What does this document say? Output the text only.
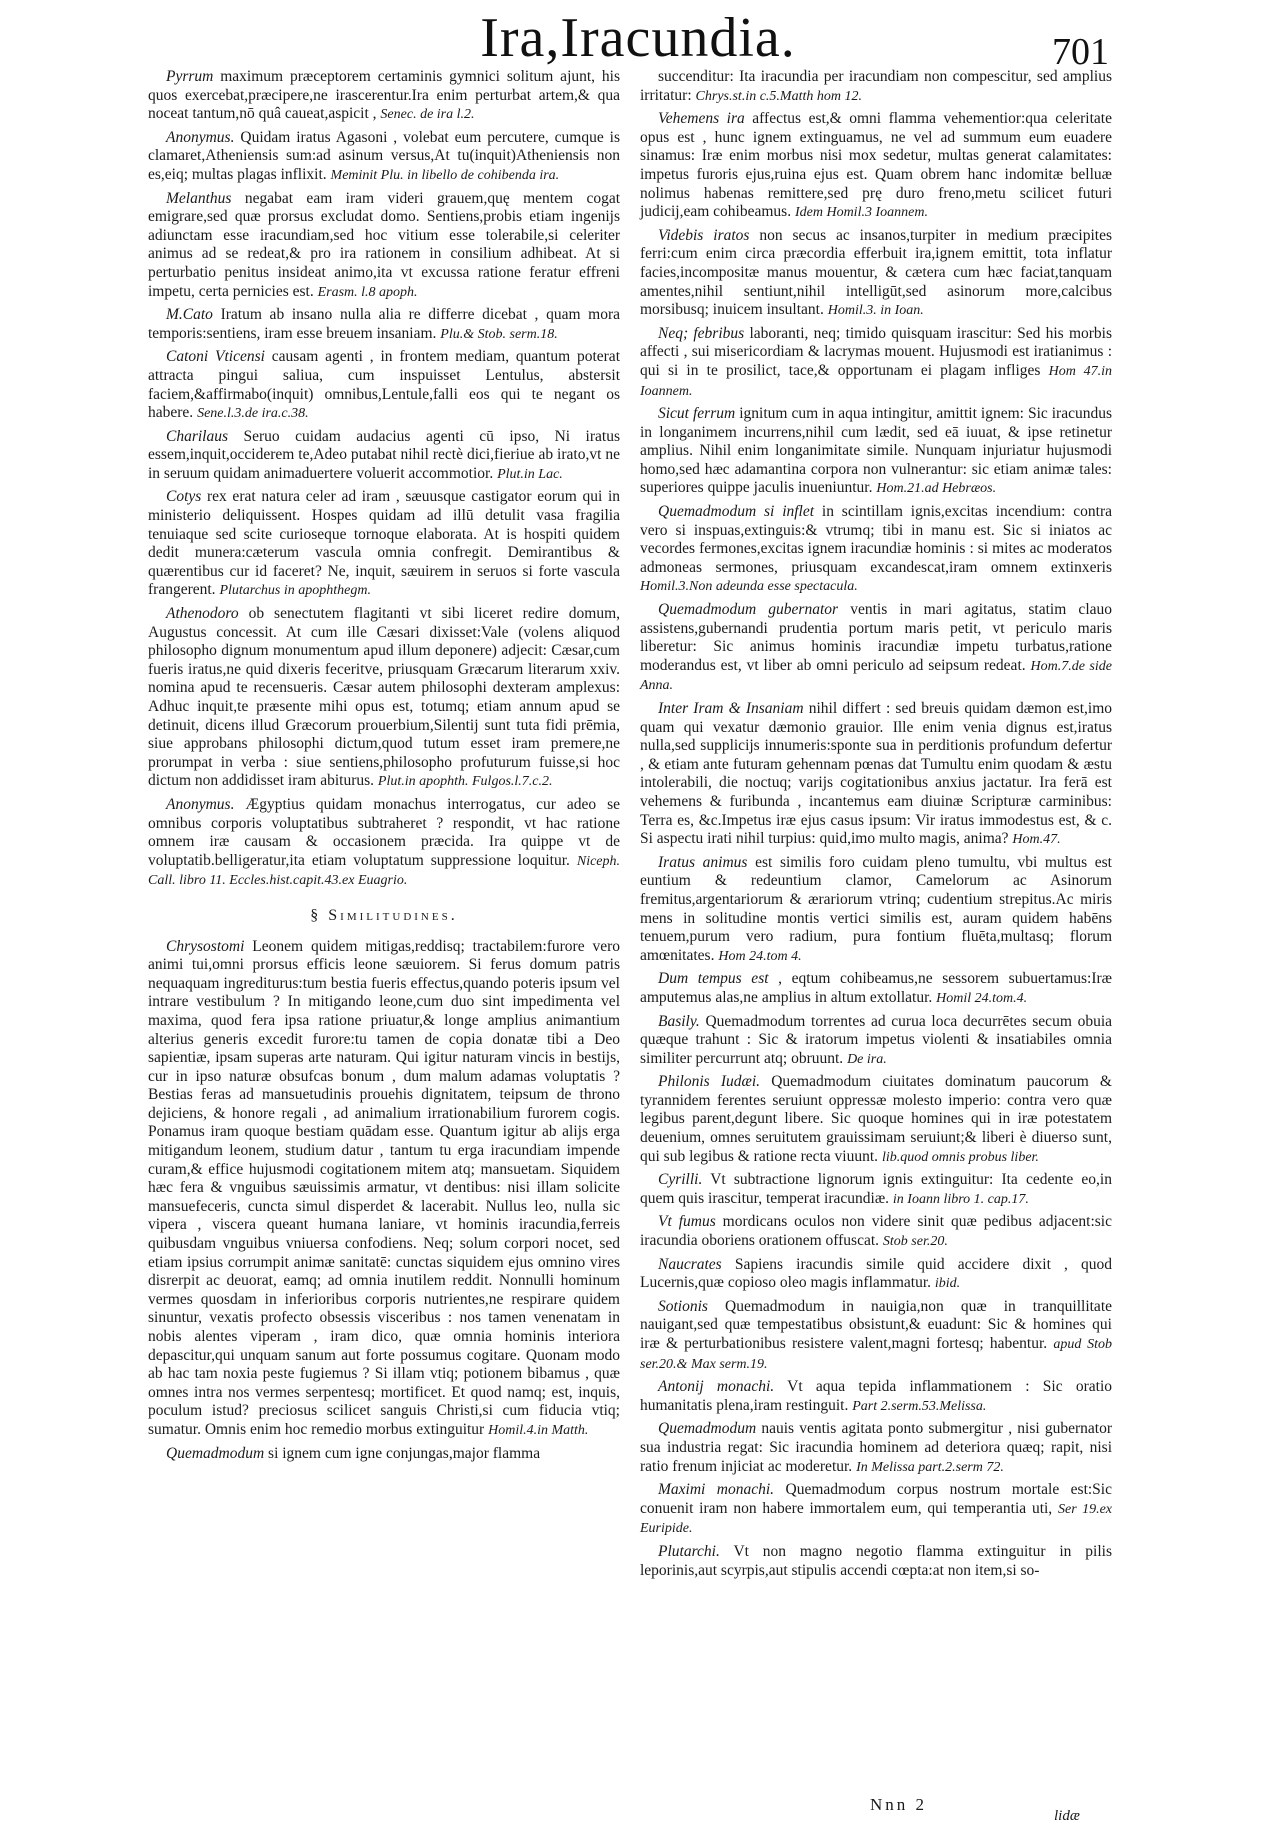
Ira,Iracundia.	701

Pyrrum maximum præceptorem certaminis gymnici solitum ajunt, his quos exercebat,præcipere,ne irascerentur.Ira enim perturbat artem,& qua noceat tantum,nō quâ caueat,aspicit , Senec. de ira l.2.

Anonymus. Quidam iratus Agasoni , volebat eum percutere, cumque is clamaret,Atheniensis sum:ad asinum versus,At tu(inquit)Atheniensis non es,eiq; multas plagas inflixit. Meminit Plu. in libello de cohibenda ira.

Melanthus negabat eam iram videri grauem,quę mentem cogat emigrare,sed quæ prorsus excludat domo. Sentiens,probis etiam ingenijs adiunctam esse iracundiam,sed hoc vitium esse tolerabile,si celeriter animus ad se redeat,& pro ira rationem in consilium adhibeat. At si perturbatio penitus insideat animo,ita vt excussa ratione feratur effreni impetu, certa pernicies est. Erasm. l.8 apoph.

M.Cato Iratum ab insano nulla alia re differre dicebat , quam mora temporis:sentiens, iram esse breuem insaniam. Plu.& Stob. serm.18.

Catoni Vticensi causam agenti , in frontem mediam, quantum poterat attracta pingui saliua, cum inspuisset Lentulus, abstersit faciem,&affirmabo(inquit) omnibus,Lentule,falli eos qui te negant os habere. Sene.l.3.de ira.c.38.

Charilaus Seruo cuidam audacius agenti cū ipso, Ni iratus essem,inquit,occiderem te,Adeo putabat nihil rectè dici,fieriue ab irato,vt ne in seruum quidam animaduertere voluerit accommotior. Plut.in Lac.

Cotys rex erat natura celer ad iram , sæuusque castigator eorum qui in ministerio deliquissent. Hospes quidam ad illū detulit vasa fragilia tenuiaque sed scite curioseque tornoque elaborata. At is hospiti quidem dedit munera:cæterum vascula omnia confregit. Demirantibus & quærentibus cur id faceret? Ne, inquit, sæuirem in seruos si forte vascula frangerent. Plutarchus in apophthegm.

Athenodoro ob senectutem flagitanti vt sibi liceret redire domum, Augustus concessit. At cum ille Cæsari dixisset:Vale (volens aliquod philosopho dignum monumentum apud illum deponere) adjecit: Cæsar,cum fueris iratus,ne quid dixeris feceritve, priusquam Græcarum literarum xxiv. nomina apud te recensueris. Cæsar autem philosophi dexteram amplexus: Adhuc inquit,te præsente mihi opus est, totumq; etiam annum apud se detinuit, dicens illud Græcorum prouerbium,Silentij sunt tuta fidi prēmia, siue approbans philosophi dictum,quod tutum esset iram premere,ne prorumpat in verba : siue sentiens,philosopho profuturum fuisse,si hoc dictum non addidisset iram abiturus. Plut.in apophth. Fulgos.l.7.c.2.

Anonymus. Ægyptius quidam monachus interrogatus, cur adeo se omnibus corporis voluptatibus subtraheret ? respondit, vt hac ratione omnem iræ causam & occasionem præcida. Ira quippe vt de voluptatib.belligeratur,ita etiam voluptatum suppressione loquitur. Niceph. Call. libro 11. Eccles.hist.capit.43.ex Euagrio.

§ Similitudines.

Chrysostomi Leonem quidem mitigas,reddisq; tractabilem:furore vero animi tui,omni prorsus efficis leone sæuiorem. Si ferus domum patris nequaquam ingrediturus:tum bestia fueris effectus,quando poteris ipsum vel intrare vestibulum ? In mitigando leone,cum duo sint impedimenta vel maxima, quod fera ipsa ratione priuatur,& longe amplius animantium alterius generis excedit furore:tu tamen de copia donatæ tibi a Deo sapientiæ, ipsam superas arte naturam. Qui igitur naturam vincis in bestijs, cur in ipso naturæ obsufcas bonum , dum malum adamas voluptatis ? Bestias feras ad mansuetudinis prouehis dignitatem, teipsum de throno dejiciens, & honore regali , ad animalium irrationabilium furorem cogis. Ponamus iram quoque bestiam quādam esse. Quantum igitur ab alijs erga mitigandum leonem, studium datur , tantum tu erga iracundiam impende curam,& effice hujusmodi cogitationem mitem atq; mansuetam. Siquidem hæc fera & vnguibus sæuissimis armatur, vt dentibus: nisi illam solicite mansuefeceris, cuncta simul disperdet & lacerabit. Nullus leo, nulla sic vipera , viscera queant humana laniare, vt hominis iracundia,ferreis quibusdam vnguibus vniuersa confodiens. Neq; solum corpori nocet, sed etiam ipsius corrumpit animæ sanitatē: cunctas siquidem ejus omnino vires disrerpit ac deuorat, eamq; ad omnia inutilem reddit. Nonnulli hominum vermes quosdam in inferioribus corporis nutrientes,ne respirare quidem sinuntur, vexatis profecto obsessis visceribus : nos tamen venenatam in nobis alentes viperam , iram dico, quæ omnia hominis interiora depascitur,qui unquam sanum aut forte possumus cogitare. Quonam modo ab hac tam noxia peste fugiemus ? Si illam vtiq; potionem bibamus , quæ omnes intra nos vermes serpentesq; mortificet. Et quod namq; est, inquis, poculum istud? preciosus scilicet sanguis Christi,si cum fiducia vtiq; sumatur. Omnis enim hoc remedio morbus extinguitur Homil.4.in Matth.

Quemadmodum si ignem cum igne conjungas,major flamma

succenditur: Ita iracundia per iracundiam non compescitur, sed amplius irritatur: Chrys.st.in c.5.Matth hom 12.

Vehemens ira affectus est,& omni flamma vehementior:qua celeritate opus est , hunc ignem extinguamus, ne vel ad summum eum euadere sinamus: Iræ enim morbus nisi mox sedetur, multas generat calamitates: impetus furoris ejus,ruina ejus est. Quam obrem hanc indomitæ belluæ nolimus habenas remittere,sed prę duro freno,metu scilicet futuri judicij,eam cohibeamus. Idem Homil.3 Ioannem.

Videbis iratos non secus ac insanos,turpiter in medium præcipites ferri:cum enim circa præcordia efferbuit ira,ignem emittit, tota inflatur facies,incompositæ manus mouentur, & cætera cum hæc faciat,tanquam amentes,nihil sentiunt,nihil intelligūt,sed asinorum more,calcibus morsibusq; inuicem insultant. Homil.3. in Ioan.

Neq; febribus laboranti, neq; timido quisquam irascitur: Sed his morbis affecti , sui misericordiam & lacrymas mouent. Hujusmodi est iratianimus : qui si in te prosilict, tace,& opportunam ei plagam infliges Hom 47.in Ioannem.

Sicut ferrum ignitum cum in aqua intingitur, amittit ignem: Sic iracundus in longanimem incurrens,nihil cum lædit, sed eā iuuat, & ipse retinetur amplius. Nihil enim longanimitate simile. Nunquam injuriatur hujusmodi homo,sed hæc adamantina corpora non vulnerantur: sic etiam animæ tales: superiores quippe jaculis inueniuntur. Hom.21.ad Hebræos.

Quemadmodum si inflet in scintillam ignis,excitas incendium: contra vero si inspuas,extinguis:& vtrumq; tibi in manu est. Sic si iniatos ac vecordes fermones,excitas ignem iracundiæ hominis : si mites ac moderatos admoneas sermones, priusquam excandescat,iram omnem extinxeris Homil.3.Non adeunda esse spectacula.

Quemadmodum gubernator ventis in mari agitatus, statim clauo assistens,gubernandi prudentia portum maris petit, vt periculo maris liberetur: Sic animus hominis iracundiæ impetu turbatus,ratione moderandus est, vt liber ab omni periculo ad seipsum redeat. Hom.7.de side Anna.

Inter Iram & Insaniam nihil differt : sed breuis quidam dæmon est,imo quam qui vexatur dæmonio grauior. Ille enim venia dignus est,iratus nulla,sed supplicijs innumeris:sponte sua in perditionis profundum defertur , & etiam ante futuram gehennam pœnas dat Tumultu enim quodam & æstu intolerabili, die noctuq; varijs cogitationibus anxius jactatur. Ira ferā est vehemens & furibunda , incantemus eam diuinæ Scripturæ carminibus: Terra es, &c.Impetus iræ ejus casus ipsum: Vir iratus immodestus est, & c. Si aspectu irati nihil turpius: quid,imo multo magis, anima? Hom.47.

Iratus animus est similis foro cuidam pleno tumultu, vbi multus est euntium & redeuntium clamor, Camelorum ac Asinorum fremitus,argentariorum & ærariorum vtrinq; cudentium strepitus.Ac miris mens in solitudine montis vertici similis est, auram quidem habēns tenuem,purum vero radium, pura fontium fluēta,multasq; florum amœnitates. Hom 24.tom 4.

Dum tempus est , eqtum cohibeamus,ne sessorem subuertamus:Iræ amputemus alas,ne amplius in altum extollatur. Homil 24.tom.4.

Basily. Quemadmodum torrentes ad curua loca decurrētes secum obuia quæque trahunt : Sic & iratorum impetus violenti & insatiabiles omnia similiter percurrunt atq; obruunt. De ira.

Philonis Iudæi. Quemadmodum ciuitates dominatum paucorum & tyrannidem ferentes seruiunt oppressæ molesto imperio: contra vero quæ legibus parent,degunt libere. Sic quoque homines qui in iræ potestatem deuenium, omnes seruitutem grauissimam seruiunt;& liberi è diuerso sunt, qui sub legibus & ratione recta viuunt. lib.quod omnis probus liber.

Cyrilli. Vt subtractione lignorum ignis extinguitur: Ita cedente eo,in quem quis irascitur, temperat iracundiæ. in Ioann libro 1. cap.17.

Vt fumus mordicans oculos non videre sinit quæ pedibus adjacent:sic iracundia oboriens orationem offuscat. Stob ser.20.

Naucrates Sapiens iracundis simile quid accidere dixit , quod Lucernis,quæ copioso oleo magis inflammatur. ibid.

Sotionis Quemadmodum in nauigia,non quæ in tranquillitate nauigant,sed quæ tempestatibus obsistunt,& euadunt: Sic & homines qui iræ & perturbationibus resistere valent,magni fortesq; habentur. apud Stob ser.20.& Max serm.19.

Antonij monachi. Vt aqua tepida inflammationem : Sic oratio humanitatis plena,iram restinguit. Part 2.serm.53.Melissa.

Quemadmodum nauis ventis agitata ponto submergitur , nisi gubernator sua industria regat: Sic iracundia hominem ad deteriora quæq; rapit, nisi ratio frenum injiciat ac moderetur. In Melissa part.2.serm 72.

Maximi monachi. Quemadmodum corpus nostrum mortale est:Sic conuenit iram non habere immortalem eum, qui temperantia uti, Ser 19.ex Euripide.

Plutarchi. Vt non magno negotio flamma extinguitur in pilis leporinis,aut scyrpis,aut stipulis accendi cœpta:at non item,si so-

Nnn 2
lidæ
